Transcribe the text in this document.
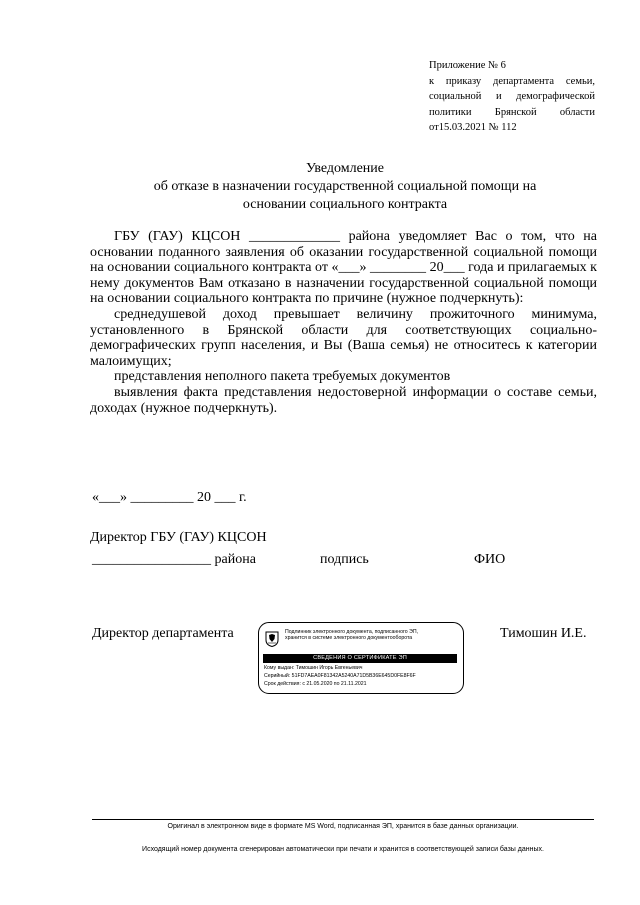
Приложение № 6
к приказу департамента семьи,
социальной и демографической
политики Брянской области
от15.03.2021 № 112
Уведомление
об отказе в назначении государственной социальной помощи на
основании социального контракта

ГБУ (ГАУ) КЦСОН _____________ района уведомляет Вас о том, что на основании поданного заявления об оказании государственной социальной помощи на основании социального контракта от «___» ________ 20___ года и прилагаемых к нему документов Вам отказано в назначении государственной социальной помощи на основании социального контракта по причине (нужное подчеркнуть):

среднедушевой доход превышает величину прожиточного минимума, установленного в Брянской области для соответствующих социально-демографических групп населения, и Вы (Ваша семья) не относитесь к категории малоимущих;

представления неполного пакета требуемых документов

выявления факта представления недостоверной информации о составе семьи, доходах (нужное подчеркнуть).

«___» _________ 20 ___ г.
Директор ГБУ (ГАУ) КЦСОН
_________________ района	подпись	ФИО
Директор департамента	Тимошин И.Е.
Подлинник электронного документа, подписанного ЭП,
хранится в системе электронного документооборота
СВЕДЕНИЯ О СЕРТИФИКАТЕ ЭП
Кому выдан: Тимошин Игорь Евгеньевич
Серийный: 51FD7AEA0F81342A5240A71D5B36E645D0FE8F6F
Срок действия: с 21.05.2020 по 21.11.2021
Оригинал в электронном виде в формате MS Word, подписанная ЭП, хранится в базе данных организации.
Исходящий номер документа сгенерирован автоматически при печати и хранится в соответствующей записи базы данных.
